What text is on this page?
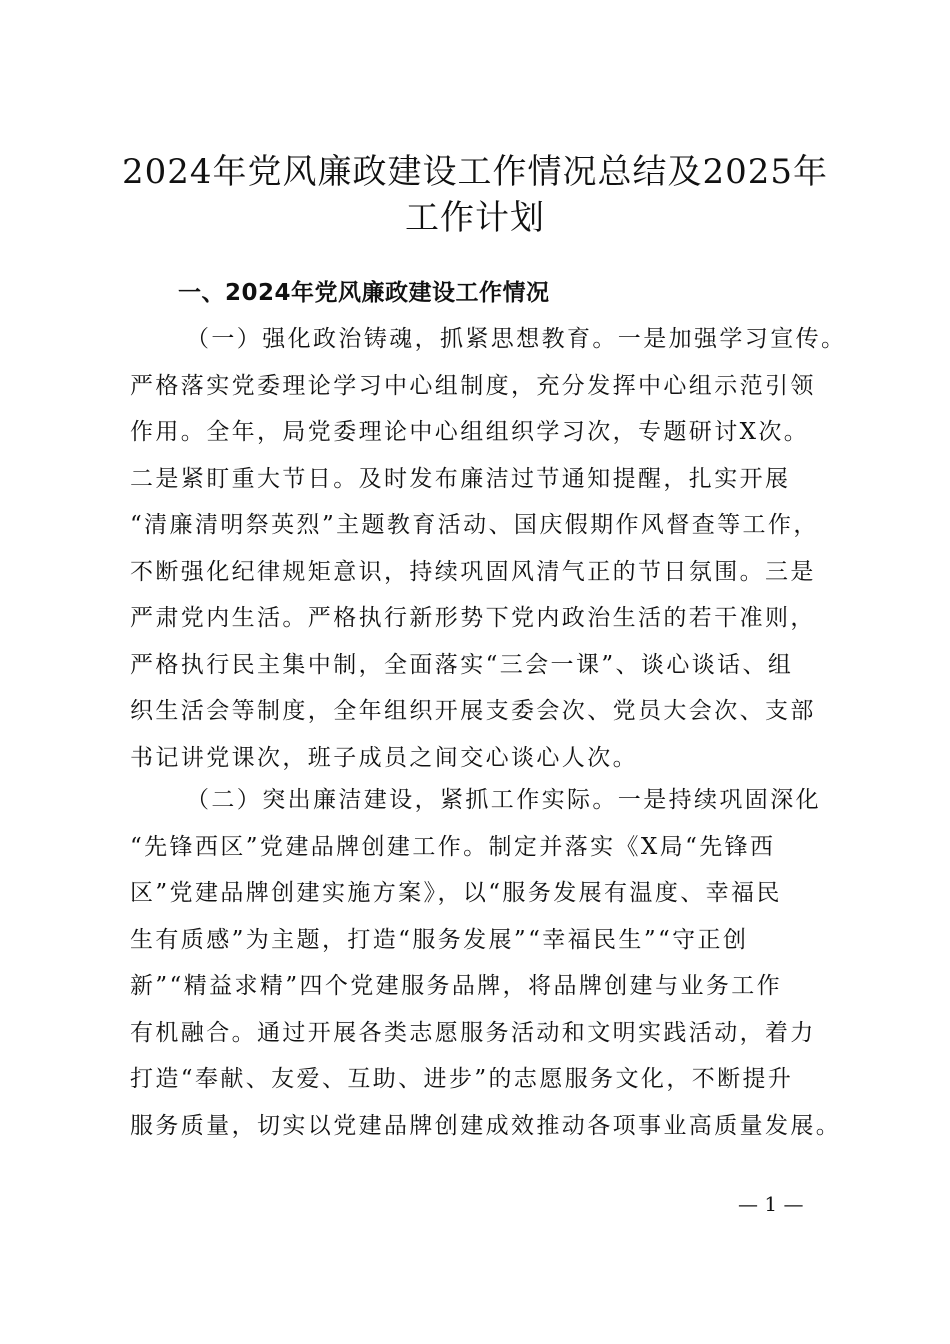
2024年党风廉政建设工作情况总结及2025年
工作计划
一、2024年党风廉政建设工作情况

（一）强化政治铸魂，抓紧思想教育。一是加强学习宣传。
严格落实党委理论学习中心组制度，充分发挥中心组示范引领
作用。全年，局党委理论中心组组织学习次，专题研讨X次。
二是紧盯重大节日。及时发布廉洁过节通知提醒，扎实开展
“清廉清明祭英烈”主题教育活动、国庆假期作风督查等工作，
不断强化纪律规矩意识，持续巩固风清气正的节日氛围。三是
严肃党内生活。严格执行新形势下党内政治生活的若干准则，
严格执行民主集中制，全面落实“三会一课”、谈心谈话、组
织生活会等制度，全年组织开展支委会次、党员大会次、支部
书记讲党课次，班子成员之间交心谈心人次。

（二）突出廉洁建设，紧抓工作实际。一是持续巩固深化
“先锋西区”党建品牌创建工作。制定并落实《X局“先锋西
区”党建品牌创建实施方案》，以“服务发展有温度、幸福民
生有质感”为主题，打造“服务发展”“幸福民生”“守正创
新”“精益求精”四个党建服务品牌，将品牌创建与业务工作
有机融合。通过开展各类志愿服务活动和文明实践活动，着力
打造“奉献、友爱、互助、进步”的志愿服务文化，不断提升
服务质量，切实以党建品牌创建成效推动各项事业高质量发展。

— 1 —
